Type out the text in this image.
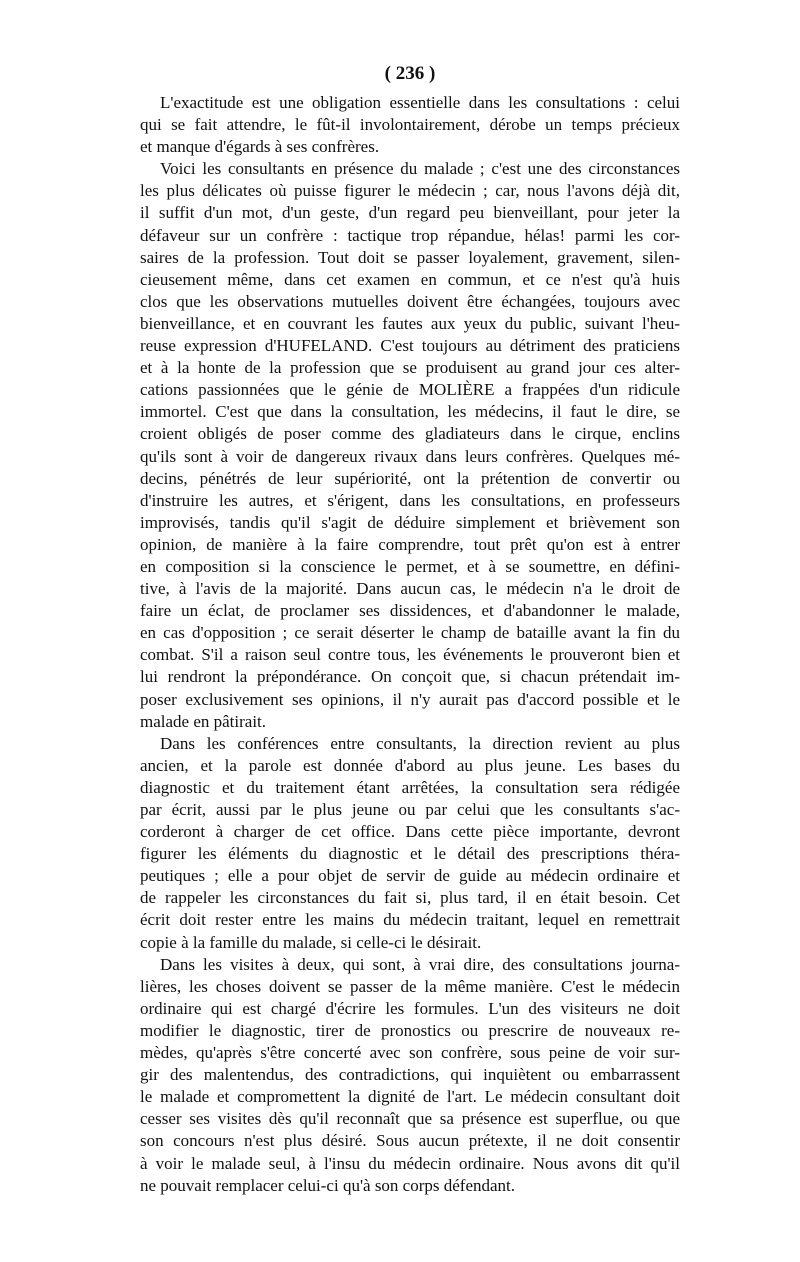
( 236 )
L'exactitude est une obligation essentielle dans les consultations : celui
qui se fait attendre, le fût-il involontairement, dérobe un temps précieux
et manque d'égards à ses confrères.
Voici les consultants en présence du malade ; c'est une des circonstances
les plus délicates où puisse figurer le médecin ; car, nous l'avons déjà dit,
il suffit d'un mot, d'un geste, d'un regard peu bienveillant, pour jeter la
défaveur sur un confrère : tactique trop répandue, hélas! parmi les cor-
saires de la profession. Tout doit se passer loyalement, gravement, silen-
cieusement même, dans cet examen en commun, et ce n'est qu'à huis
clos que les observations mutuelles doivent être échangées, toujours avec
bienveillance, et en couvrant les fautes aux yeux du public, suivant l'heu-
reuse expression d'HUFELAND. C'est toujours au détriment des praticiens
et à la honte de la profession que se produisent au grand jour ces alter-
cations passionnées que le génie de MOLIÈRE a frappées d'un ridicule
immortel. C'est que dans la consultation, les médecins, il faut le dire, se
croient obligés de poser comme des gladiateurs dans le cirque, enclins
qu'ils sont à voir de dangereux rivaux dans leurs confrères. Quelques mé-
decins, pénétrés de leur supériorité, ont la prétention de convertir ou
d'instruire les autres, et s'érigent, dans les consultations, en professeurs
improvisés, tandis qu'il s'agit de déduire simplement et brièvement son
opinion, de manière à la faire comprendre, tout prêt qu'on est à entrer
en composition si la conscience le permet, et à se soumettre, en défini-
tive, à l'avis de la majorité. Dans aucun cas, le médecin n'a le droit de
faire un éclat, de proclamer ses dissidences, et d'abandonner le malade,
en cas d'opposition ; ce serait déserter le champ de bataille avant la fin du
combat. S'il a raison seul contre tous, les événements le prouveront bien et
lui rendront la prépondérance. On conçoit que, si chacun prétendait im-
poser exclusivement ses opinions, il n'y aurait pas d'accord possible et le
malade en pâtirait.
Dans les conférences entre consultants, la direction revient au plus
ancien, et la parole est donnée d'abord au plus jeune. Les bases du
diagnostic et du traitement étant arrêtées, la consultation sera rédigée
par écrit, aussi par le plus jeune ou par celui que les consultants s'ac-
corderont à charger de cet office. Dans cette pièce importante, devront
figurer les éléments du diagnostic et le détail des prescriptions théra-
peutiques ; elle a pour objet de servir de guide au médecin ordinaire et
de rappeler les circonstances du fait si, plus tard, il en était besoin. Cet
écrit doit rester entre les mains du médecin traitant, lequel en remettrait
copie à la famille du malade, si celle-ci le désirait.
Dans les visites à deux, qui sont, à vrai dire, des consultations journa-
lières, les choses doivent se passer de la même manière. C'est le médecin
ordinaire qui est chargé d'écrire les formules. L'un des visiteurs ne doit
modifier le diagnostic, tirer de pronostics ou prescrire de nouveaux re-
mèdes, qu'après s'être concerté avec son confrère, sous peine de voir sur-
gir des malentendus, des contradictions, qui inquiètent ou embarrassent
le malade et compromettent la dignité de l'art. Le médecin consultant doit
cesser ses visites dès qu'il reconnaît que sa présence est superflue, ou que
son concours n'est plus désiré. Sous aucun prétexte, il ne doit consentir
à voir le malade seul, à l'insu du médecin ordinaire. Nous avons dit qu'il
ne pouvait remplacer celui-ci qu'à son corps défendant.
